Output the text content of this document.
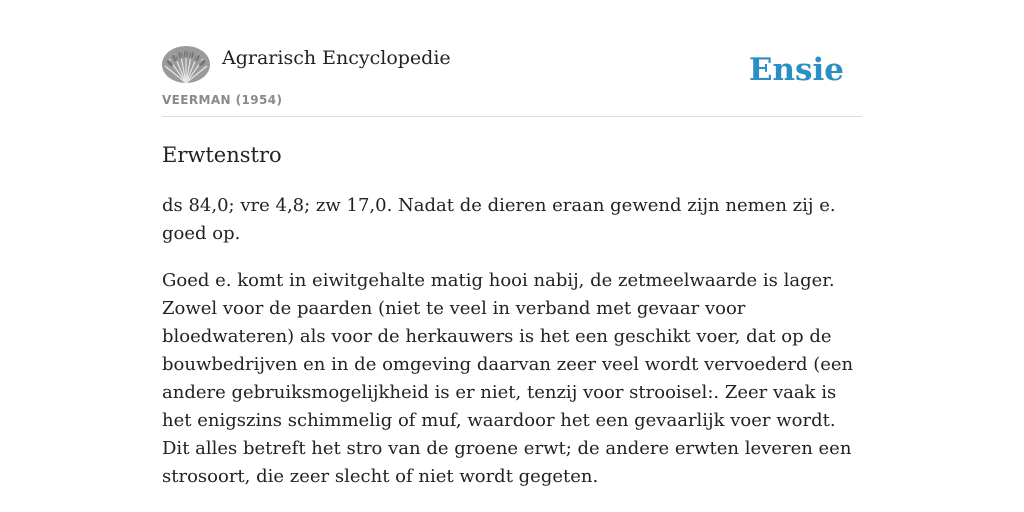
Agrarisch Encyclopedie
VEERMAN (1954)
Ensie
Erwtenstro

ds 84,0; vre 4,8; zw 17,0. Nadat de dieren eraan gewend zijn nemen zij e. goed op.

Goed e. komt in eiwitgehalte matig hooi nabij, de zetmeelwaarde is lager. Zowel voor de paarden (niet te veel in verband met gevaar voor bloedwateren) als voor de herkauwers is het een geschikt voer, dat op de bouwbedrijven en in de omgeving daarvan zeer veel wordt vervoederd (een andere gebruiksmogelijkheid is er niet, tenzij voor strooisel:. Zeer vaak is het enigszins schimmelig of muf, waardoor het een gevaarlijk voer wordt. Dit alles betreft het stro van de groene erwt; de andere erwten leveren een strosoort, die zeer slecht of niet wordt gegeten.
